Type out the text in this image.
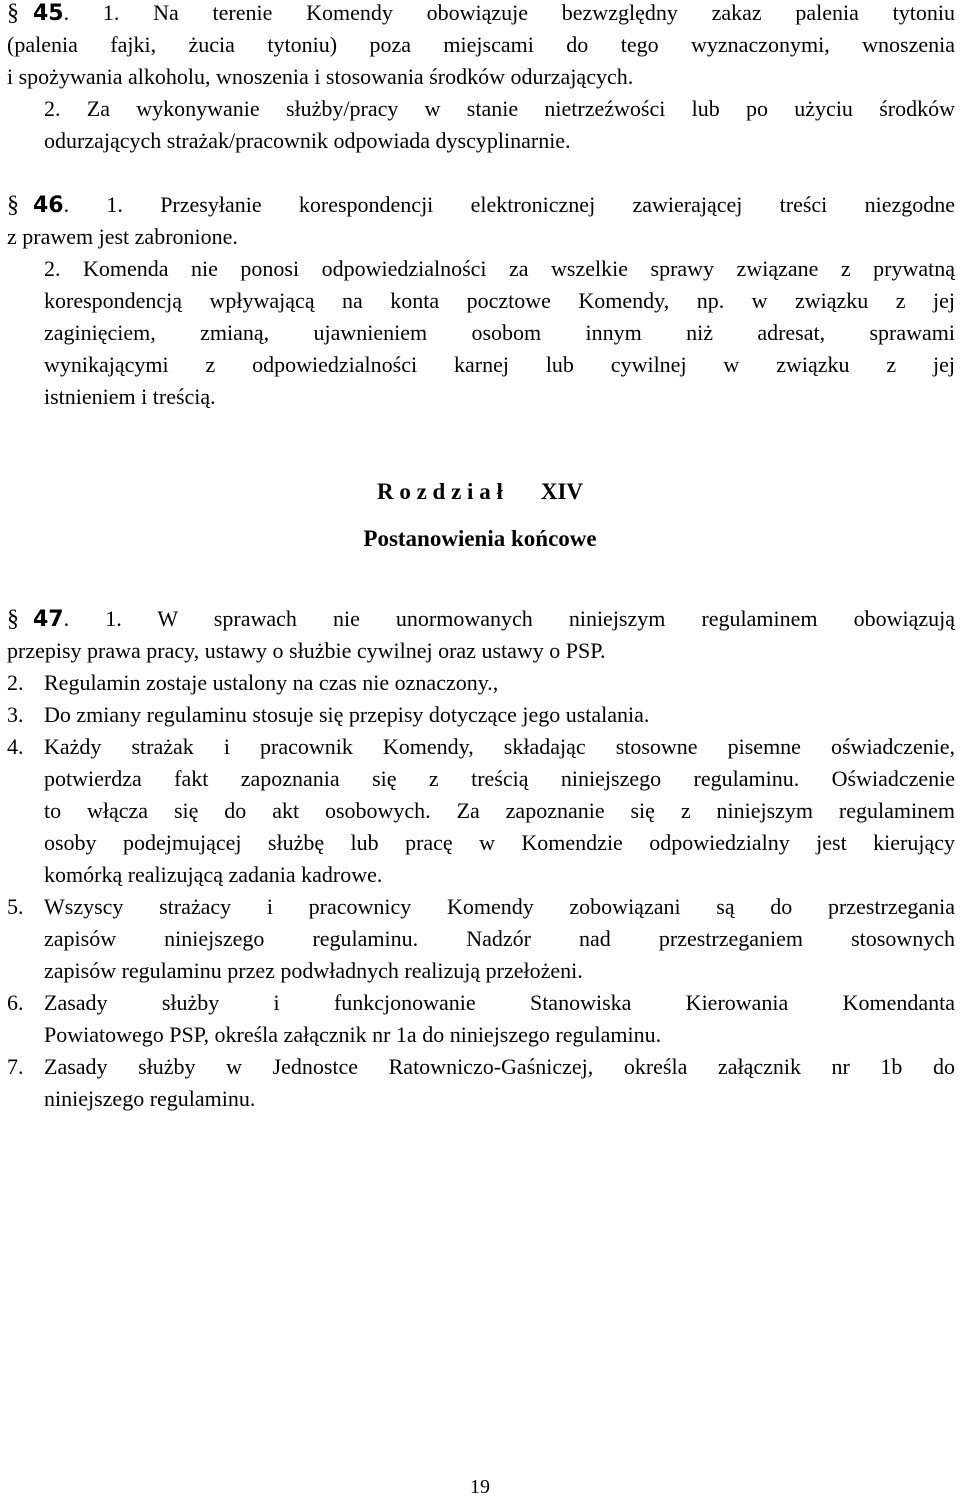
§ 45. 1. Na terenie Komendy obowiązuje bezwzględny zakaz palenia tytoniu
(palenia fajki, żucia tytoniu) poza miejscami do tego wyznaczonymi, wnoszenia
i spożywania alkoholu, wnoszenia i stosowania środków odurzających.
2. Za wykonywanie służby/pracy w stanie nietrzeźwości lub po użyciu środków
odurzających strażak/pracownik odpowiada dyscyplinarnie.
§ 46. 1. Przesyłanie korespondencji elektronicznej zawierającej treści niezgodne
z prawem jest zabronione.
2. Komenda nie ponosi odpowiedzialności za wszelkie sprawy związane z prywatną
korespondencją wpływającą na konta pocztowe Komendy, np. w związku z jej
zaginięciem, zmianą, ujawnieniem osobom innym niż adresat, sprawami
wynikającymi z odpowiedzialności karnej lub cywilnej w związku z jej
istnieniem i treścią.
R o z d z i a ł XIV
Postanowienia końcowe
§ 47. 1. W sprawach nie unormowanych niniejszym regulaminem obowiązują
przepisy prawa pracy, ustawy o służbie cywilnej oraz ustawy o PSP.
2. Regulamin zostaje ustalony na czas nie oznaczony.,
3. Do zmiany regulaminu stosuje się przepisy dotyczące jego ustalania.
4. Każdy strażak i pracownik Komendy, składając stosowne pisemne oświadczenie,
potwierdza fakt zapoznania się z treścią niniejszego regulaminu. Oświadczenie
to włącza się do akt osobowych. Za zapoznanie się z niniejszym regulaminem
osoby podejmującej służbę lub pracę w Komendzie odpowiedzialny jest kierujący
komórką realizującą zadania kadrowe.
5. Wszyscy strażacy i pracownicy Komendy zobowiązani są do przestrzegania
zapisów niniejszego regulaminu. Nadzór nad przestrzeganiem stosownych
zapisów regulaminu przez podwładnych realizują przełożeni.
6. Zasady służby i funkcjonowanie Stanowiska Kierowania Komendanta
Powiatowego PSP, określa załącznik nr 1a do niniejszego regulaminu.
7. Zasady służby w Jednostce Ratowniczo-Gaśniczej, określa załącznik nr 1b do
niniejszego regulaminu.
19
